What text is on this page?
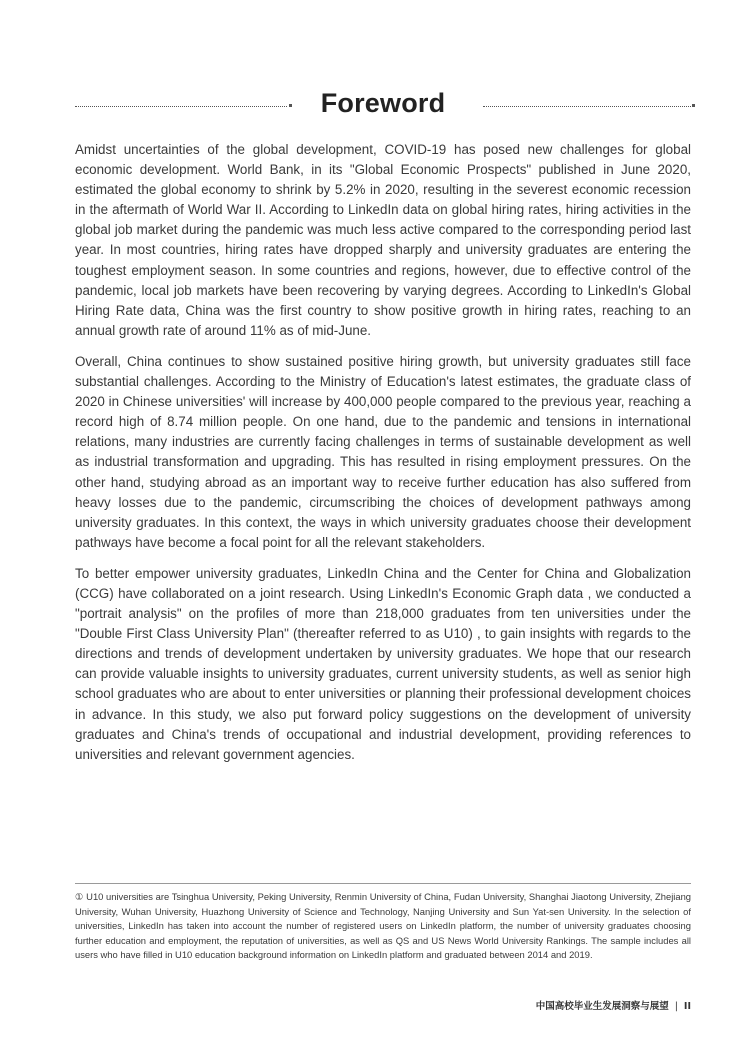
Foreword

Amidst uncertainties of the global development, COVID-19 has posed new challenges for global economic development. World Bank, in its "Global Economic Prospects" published in June 2020, estimated the global economy to shrink by 5.2% in 2020, resulting in the severest economic recession in the aftermath of World War II. According to LinkedIn data on global hiring rates, hiring activities in the global job market during the pandemic was much less active compared to the corresponding period last year. In most countries, hiring rates have dropped sharply and university graduates are entering the toughest employment season. In some countries and regions, however, due to effective control of the pandemic, local job markets have been recovering by varying degrees. According to LinkedIn's Global Hiring Rate data, China was the first country to show positive growth in hiring rates, reaching to an annual growth rate of around 11% as of mid-June.

Overall, China continues to show sustained positive hiring growth, but university graduates still face substantial challenges. According to the Ministry of Education's latest estimates, the graduate class of 2020 in Chinese universities' will increase by 400,000 people compared to the previous year, reaching a record high of 8.74 million people. On one hand, due to the pandemic and tensions in international relations, many industries are currently facing challenges in terms of sustainable development as well as industrial transformation and upgrading. This has resulted in rising employment pressures. On the other hand, studying abroad as an important way to receive further education has also suffered from heavy losses due to the pandemic, circumscribing the choices of development pathways among university graduates. In this context, the ways in which university graduates choose their development pathways have become a focal point for all the relevant stakeholders.

To better empower university graduates, LinkedIn China and the Center for China and Globalization (CCG) have collaborated on a joint research. Using LinkedIn's Economic Graph data , we conducted a "portrait analysis" on the profiles of more than 218,000 graduates from ten universities under the "Double First Class University Plan" (thereafter referred to as U10) , to gain insights with regards to the directions and trends of development undertaken by university graduates. We hope that our research can provide valuable insights to university graduates, current university students, as well as senior high school graduates who are about to enter universities or planning their professional development choices in advance. In this study, we also put forward policy suggestions on the development of university graduates and China's trends of occupational and industrial development, providing references to universities and relevant government agencies.

① U10 universities are Tsinghua University, Peking University, Renmin University of China, Fudan University, Shanghai Jiaotong University, Zhejiang University, Wuhan University, Huazhong University of Science and Technology, Nanjing University and Sun Yat-sen University. In the selection of universities, LinkedIn has taken into account the number of registered users on LinkedIn platform, the number of university graduates choosing further education and employment, the reputation of universities, as well as QS and US News World University Rankings. The sample includes all users who have filled in U10 education background information on LinkedIn platform and graduated between 2014 and 2019.
中国高校毕业生发展洞察与展望 | II
